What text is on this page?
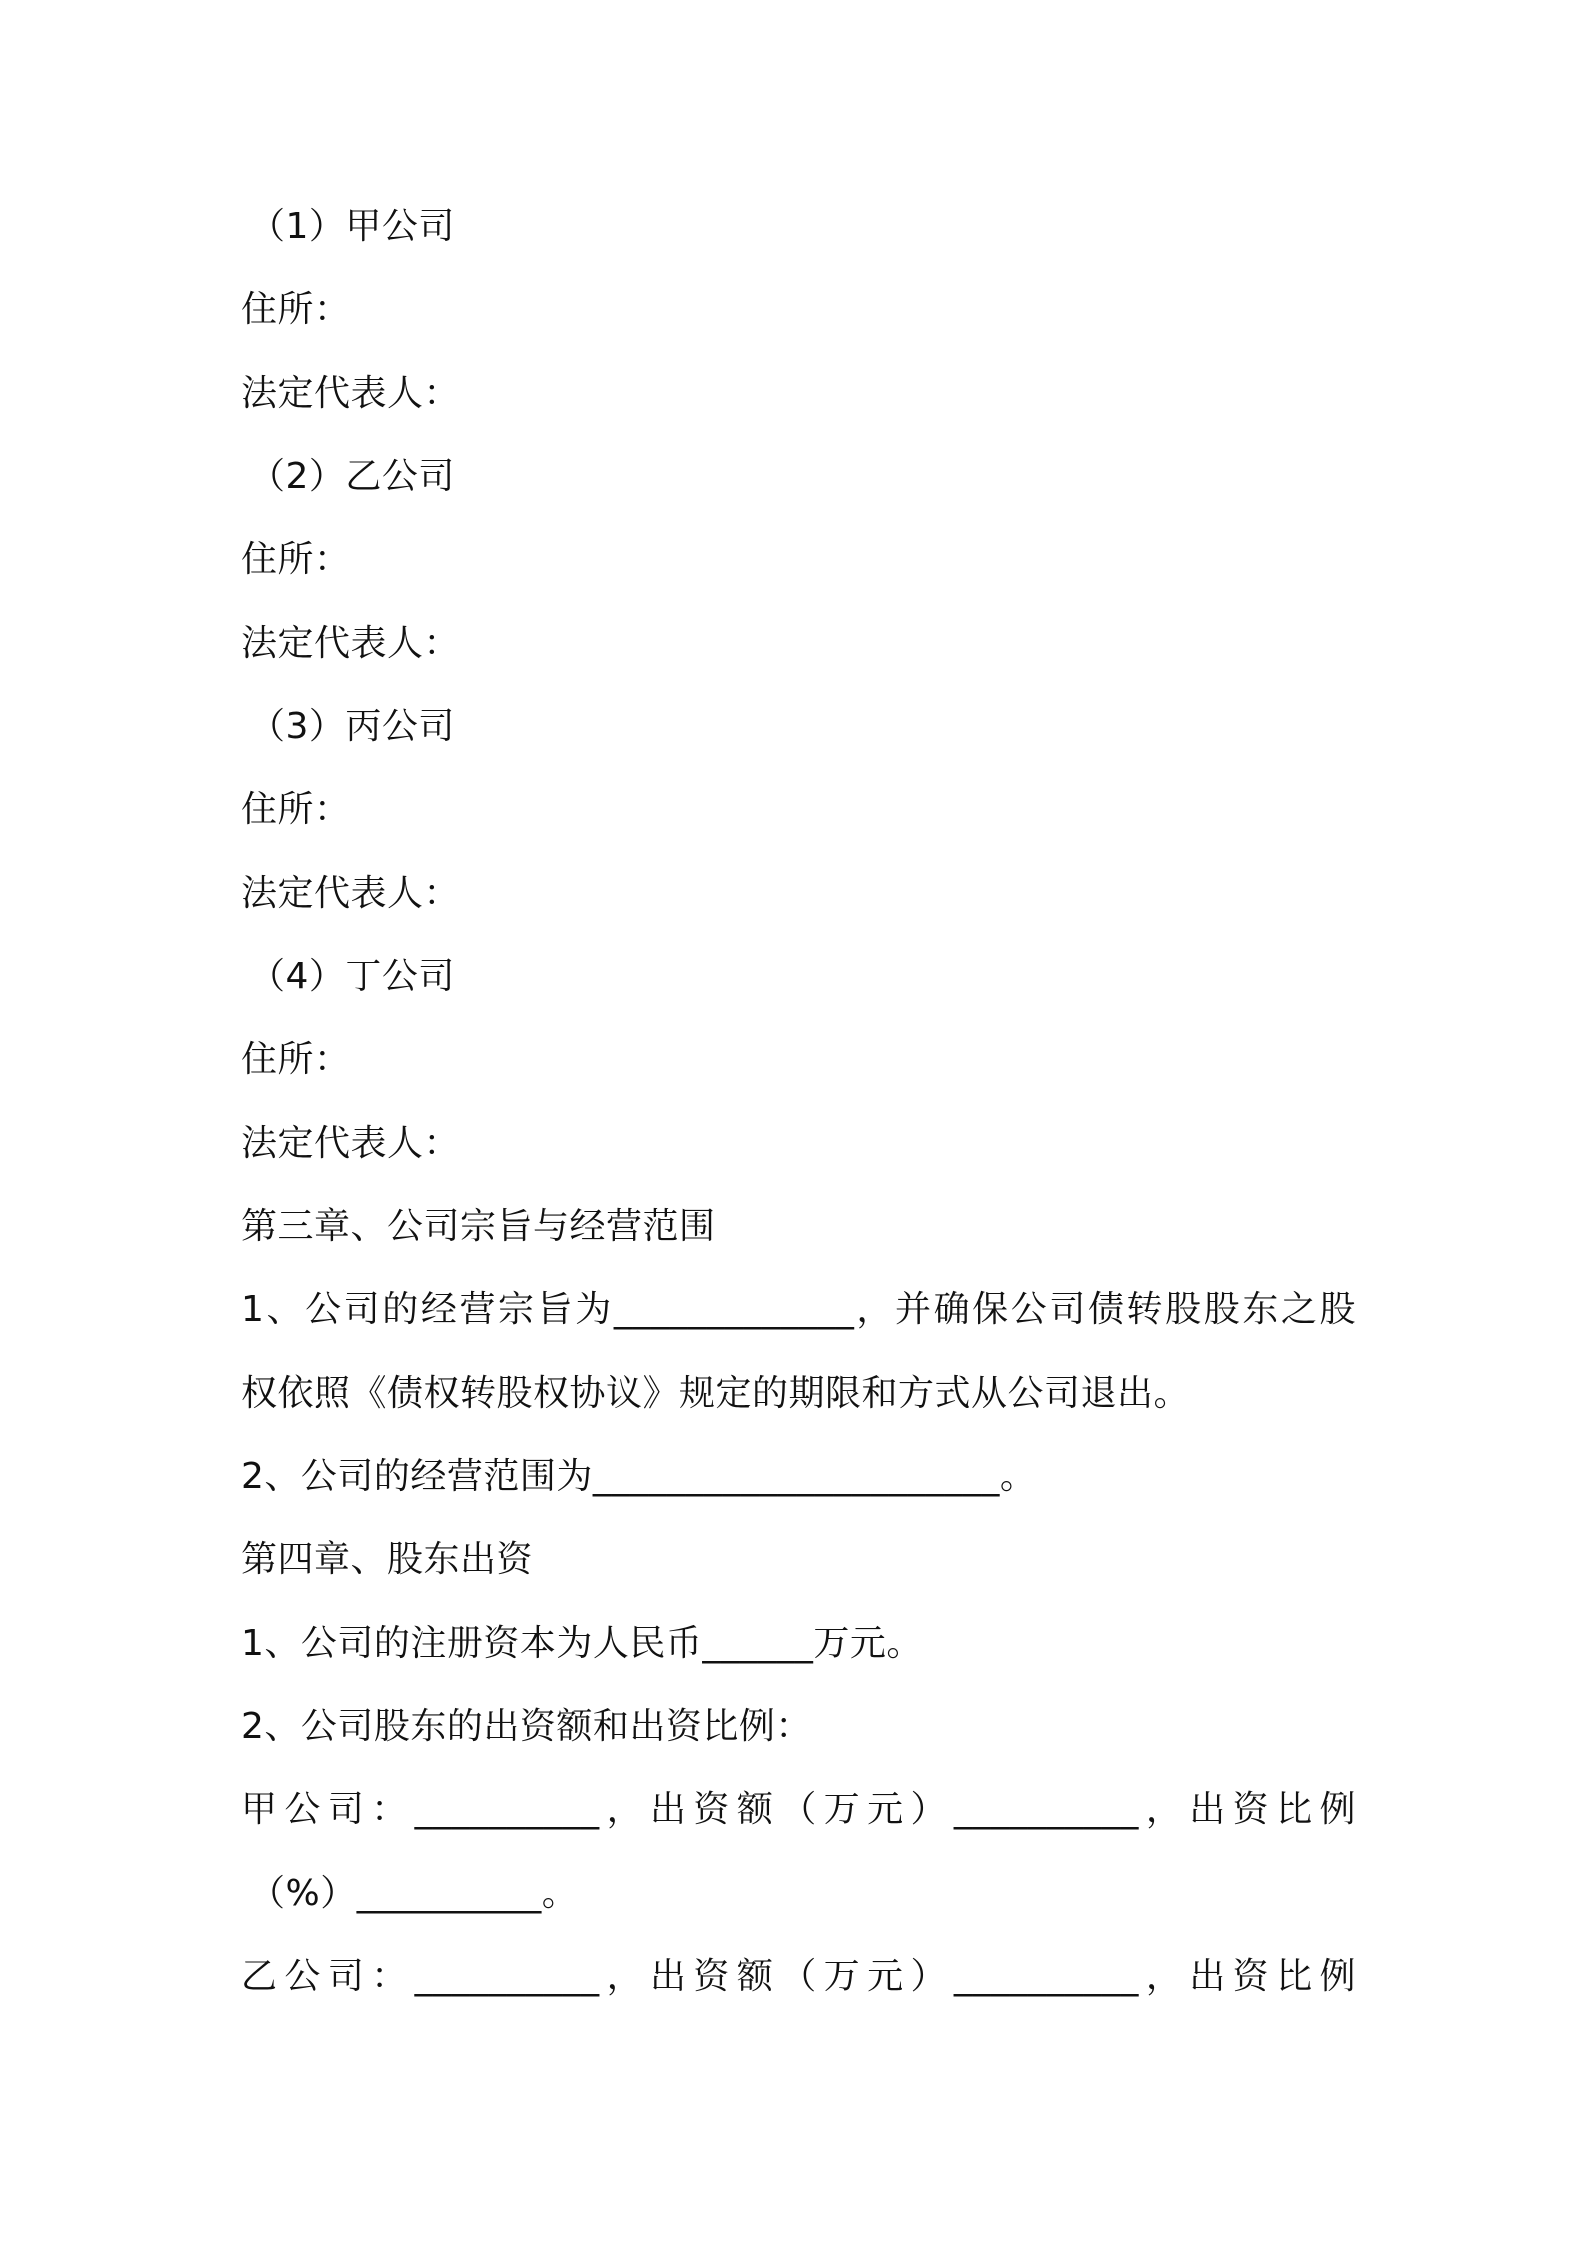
（1）甲公司
住所：
法定代表人：
（2）乙公司
住所：
法定代表人：
（3）丙公司
住所：
法定代表人：
（4）丁公司
住所：
法定代表人：
第三章、公司宗旨与经营范围
1、公司的经营宗旨为_____________，并确保公司债转股股东之股
权依照《债权转股权协议》规定的期限和方式从公司退出。
2、公司的经营范围为______________________。
第四章、股东出资
1、公司的注册资本为人民币______万元。
2、公司股东的出资额和出资比例：
甲公司：__________，出资额（万元）__________，出资比例
（%）__________。
乙公司：__________，出资额（万元）__________，出资比例
